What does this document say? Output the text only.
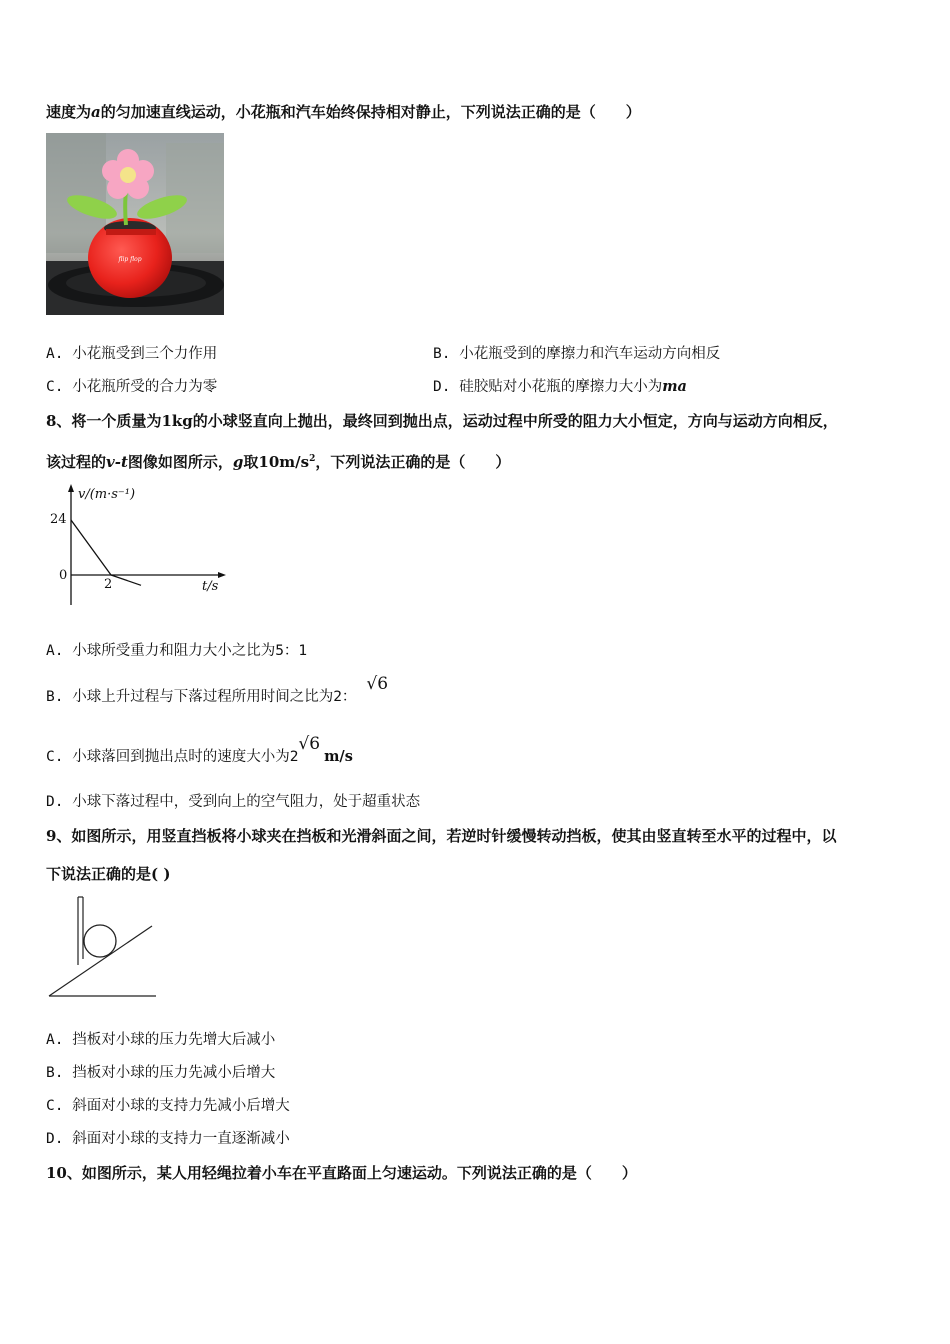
速度为a的匀加速直线运动，小花瓶和汽车始终保持相对静止，下列说法正确的是（　　）
flip flop
A. 小花瓶受到三个力作用	B. 小花瓶受到的摩擦力和汽车运动方向相反
C. 小花瓶所受的合力为零	D. 硅胶贴对小花瓶的摩擦力大小为ma
8、将一个质量为1kg的小球竖直向上抛出，最终回到抛出点，运动过程中所受的阻力大小恒定，方向与运动方向相反，
该过程的v-t图像如图所示，g取$10m/s^2$，下列说法正确的是（　　）
v/(m·s⁻¹)
t/s
24
0
2
A. 小球所受重力和阻力大小之比为5：1
B. 小球上升过程与下落过程所用时间之比为2：√6
C. 小球落回到抛出点时的速度大小为2√6m/s
D. 小球下落过程中，受到向上的空气阻力，处于超重状态
9、如图所示，用竖直挡板将小球夹在挡板和光滑斜面之间，若逆时针缓慢转动挡板，使其由竖直转至水平的过程中，以
下说法正确的是( )
A. 挡板对小球的压力先增大后减小
B. 挡板对小球的压力先减小后增大
C. 斜面对小球的支持力先减小后增大
D. 斜面对小球的支持力一直逐渐减小
10、如图所示，某人用轻绳拉着小车在平直路面上匀速运动。下列说法正确的是（　　）
